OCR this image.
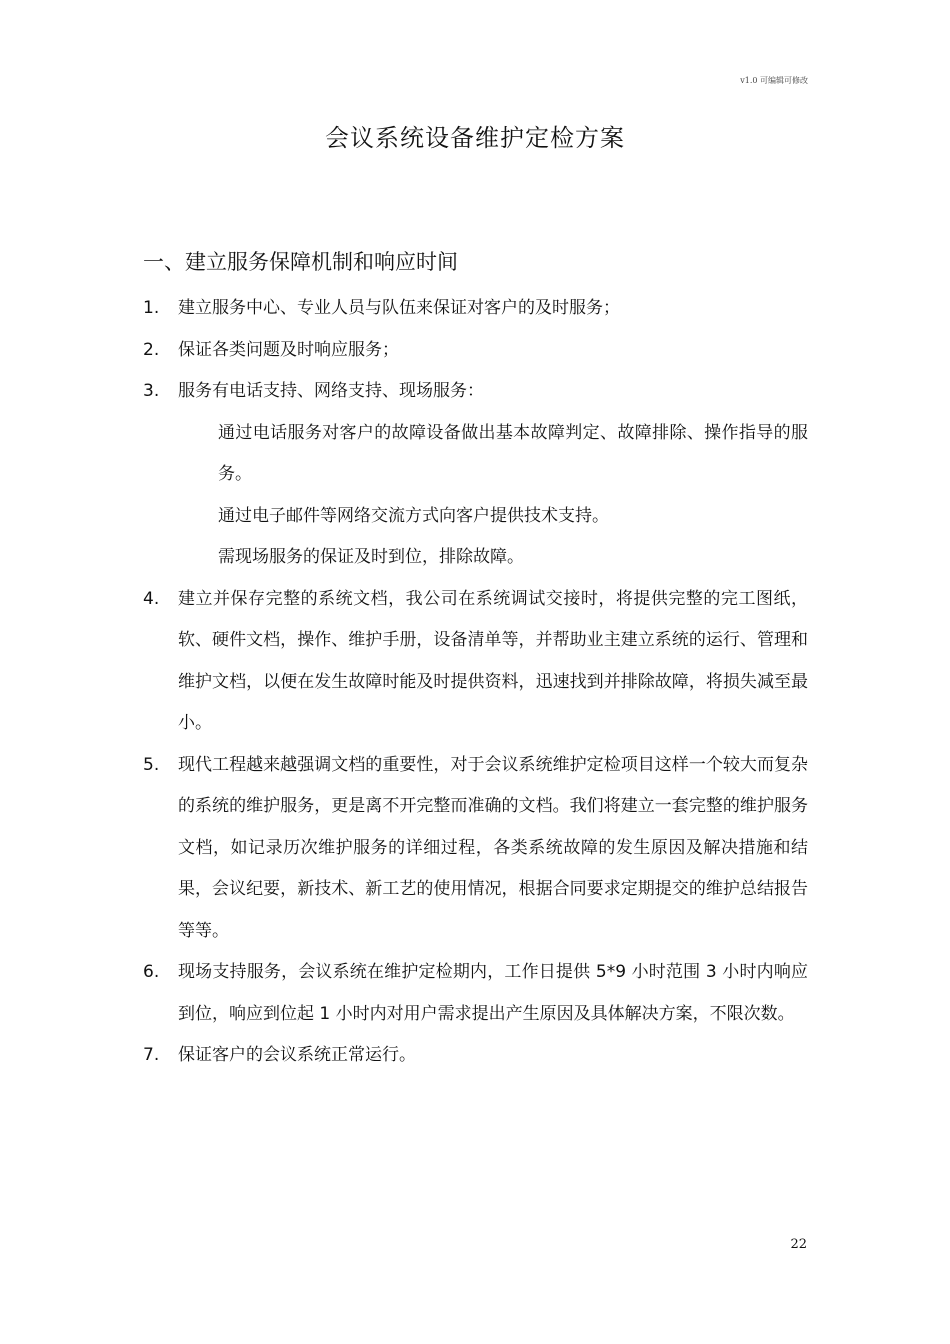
v1.0 可编辑可修改
会议系统设备维护定检方案
一、建立服务保障机制和响应时间
1.	建立服务中心、专业人员与队伍来保证对客户的及时服务；
2.	保证各类问题及时响应服务；
3.	服务有电话支持、网络支持、现场服务：
通过电话服务对客户的故障设备做出基本故障判定、故障排除、操作指导的服务。
通过电子邮件等网络交流方式向客户提供技术支持。
需现场服务的保证及时到位，排除故障。
4.	建立并保存完整的系统文档，我公司在系统调试交接时，将提供完整的完工图纸，软、硬件文档，操作、维护手册，设备清单等，并帮助业主建立系统的运行、管理和维护文档，以便在发生故障时能及时提供资料，迅速找到并排除故障，将损失减至最小。
5.	现代工程越来越强调文档的重要性，对于会议系统维护定检项目这样一个较大而复杂的系统的维护服务，更是离不开完整而准确的文档。我们将建立一套完整的维护服务文档，如记录历次维护服务的详细过程，各类系统故障的发生原因及解决措施和结果，会议纪要，新技术、新工艺的使用情况，根据合同要求定期提交的维护总结报告等等。
6.	现场支持服务，会议系统在维护定检期内，工作日提供 5*9 小时范围 3 小时内响应到位，响应到位起 1 小时内对用户需求提出产生原因及具体解决方案，不限次数。
7.	保证客户的会议系统正常运行。
22
